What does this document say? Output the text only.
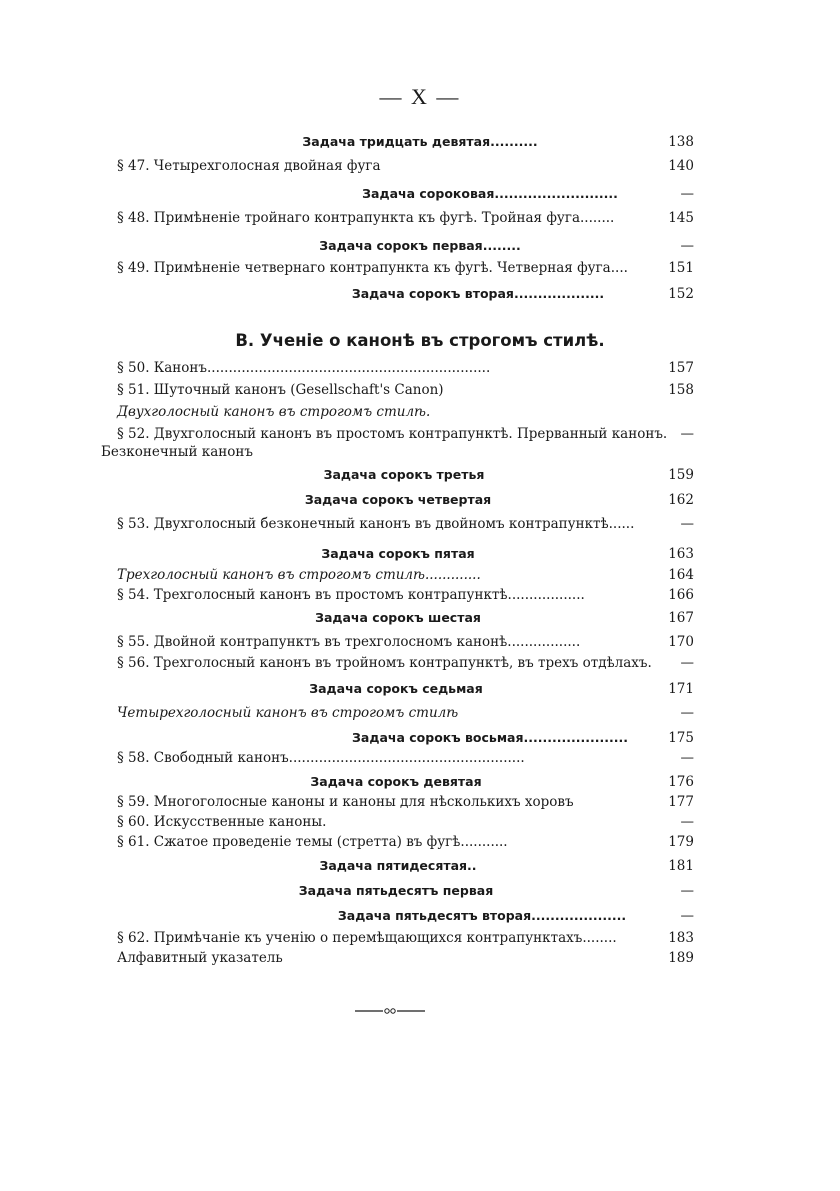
— X —
Задача тридцать девятая..........	138
§ 47. Четырехголосная двойная фуга	140
Задача сороковая..........................	—
§ 48. Примѣненіе тройнаго контрапункта къ фугѣ. Тройная фуга........	145
Задача сорокъ первая........	—
§ 49. Примѣненіе четвернаго контрапункта къ фугѣ. Четверная фуга....	151
Задача сорокъ вторая...................	152
В. Ученіе о канонѣ въ строгомъ стилѣ.
§ 50. Канонъ..................................................................	157
§ 51. Шуточный канонъ (Gesellschaft's Canon)	158
Двухголосный канонъ въ строгомъ стилѣ.
§ 52. Двухголосный канонъ въ простомъ контрапунктѣ. Прерванный канонъ. —
Безконечный канонъ
Задача сорокъ третья	159
Задача сорокъ четвертая	162
§ 53. Двухголосный безконечный канонъ въ двойномъ контрапунктѣ......	—
Задача сорокъ пятая	163
Трехголосный канонъ въ строгомъ стилѣ.............	164
§ 54. Трехголосный канонъ въ простомъ контрапунктѣ..................	166
Задача сорокъ шестая	167
§ 55. Двойной контрапунктъ въ трехголосномъ канонѣ.................	170
§ 56. Трехголосный канонъ въ тройномъ контрапунктѣ, въ трехъ отдѣлахъ.	—
Задача сорокъ седьмая	171
Четырехголосный канонъ въ строгомъ стилѣ	—
Задача сорокъ восьмая......................	175
§ 58. Свободный канонъ.......................................................	—
Задача сорокъ девятая	176
§ 59. Многоголосные каноны и каноны для нѣсколькихъ хоровъ	177
§ 60. Искусственные каноны.	—
§ 61. Сжатое проведеніе темы (стретта) въ фугѣ...........	179
Задача пятидесятая..	181
Задача пятьдесятъ первая	—
Задача пятьдесятъ вторая....................	—
§ 62. Примѣчаніе къ ученію о перемѣщающихся контрапунктахъ........	183
Алфавитный указатель	189
